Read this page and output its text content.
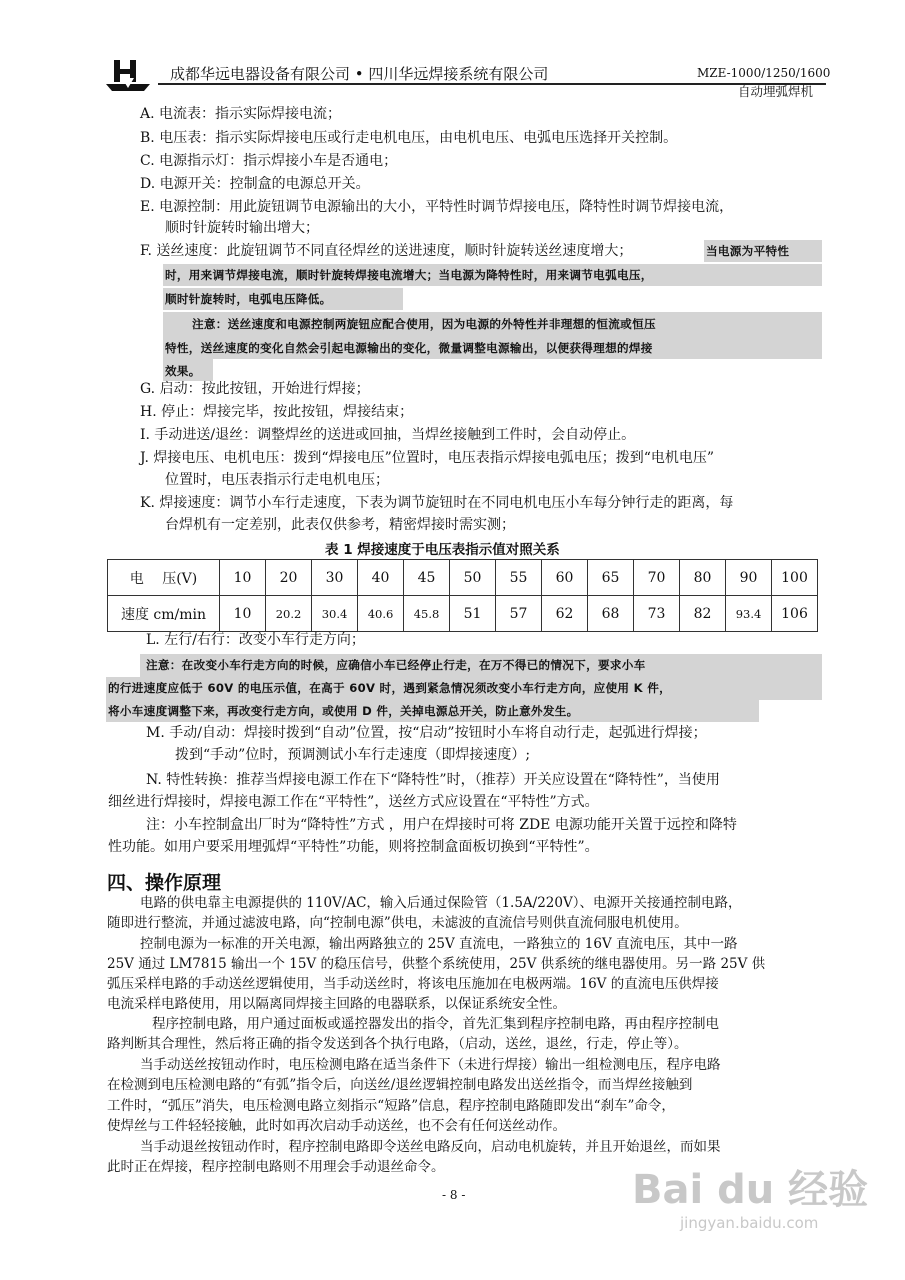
成都华远电器设备有限公司 • 四川华远焊接系统有限公司	MZE-1000/1250/1600
自动埋弧焊机
A. 电流表：指示实际焊接电流；
B. 电压表：指示实际焊接电压或行走电机电压，由电机电压、电弧电压选择开关控制。
C. 电源指示灯：指示焊接小车是否通电；
D. 电源开关：控制盒的电源总开关。
E. 电源控制：用此旋钮调节电源输出的大小，平特性时调节焊接电压，降特性时调节焊接电流，
顺时针旋转时输出增大；
F. 送丝速度：此旋钮调节不同直径焊丝的送进速度，顺时针旋转送丝速度增大；	当电源为平特性
时，用来调节焊接电流，顺时针旋转焊接电流增大；当电源为降特性时，用来调节电弧电压，
顺时针旋转时，电弧电压降低。
注意：送丝速度和电源控制两旋钮应配合使用，因为电源的外特性并非理想的恒流或恒压
特性，送丝速度的变化自然会引起电源输出的变化，微量调整电源输出，以便获得理想的焊接
效果。
G. 启动：按此按钮，开始进行焊接；
H. 停止：焊接完毕，按此按钮，焊接结束；
I. 手动进送/退丝：调整焊丝的送进或回抽，当焊丝接触到工件时，会自动停止。
J. 焊接电压、电机电压：拨到“焊接电压”位置时，电压表指示焊接电弧电压；拨到“电机电压”
位置时，电压表指示行走电机电压；
K. 焊接速度：调节小车行走速度，下表为调节旋钮时在不同电机电压小车每分钟行走的距离，每
台焊机有一定差别，此表仅供参考，精密焊接时需实测；
表 1 焊接速度于电压表指示值对照关系
电　 压(V)	10	20	30	40	45	50	55	60	65	70	80	90	100
速度 cm/min	10	20.2	30.4	40.6	45.8	51	57	62	68	73	82	93.4	106
L. 左行/右行：改变小车行走方向；
注意：在改变小车行走方向的时候，应确信小车已经停止行走，在万不得已的情况下，要求小车
的行进速度应低于 60V 的电压示值，在高于 60V 时，遇到紧急情况须改变小车行走方向，应使用 K 件，
将小车速度调整下来，再改变行走方向，或使用 D 件，关掉电源总开关，防止意外发生。
M. 手动/自动：焊接时拨到“自动”位置，按“启动”按钮时小车将自动行走，起弧进行焊接；
拨到“手动”位时，预调测试小车行走速度（即焊接速度）;
N. 特性转换：推荐当焊接电源工作在下“降特性”时，（推荐）开关应设置在“降特性”，当使用
细丝进行焊接时，焊接电源工作在“平特性”，送丝方式应设置在“平特性”方式。
注：小车控制盒出厂时为“降特性”方式 ，用户在焊接时可将 ZDE 电源功能开关置于远控和降特
性功能。如用户要采用埋弧焊“平特性”功能，则将控制盒面板切换到“平特性”。
四、操作原理
电路的供电靠主电源提供的 110V/AC，输入后通过保险管（1.5A/220V）、电源开关接通控制电路，
随即进行整流，并通过滤波电路，向“控制电源”供电，未滤波的直流信号则供直流伺服电机使用。
控制电源为一标准的开关电源，输出两路独立的 25V 直流电，一路独立的 16V 直流电压，其中一路
25V 通过 LM7815 输出一个 15V 的稳压信号，供整个系统使用，25V 供系统的继电器使用。另一路 25V 供
弧压采样电路的手动送丝逻辑使用，当手动送丝时，将该电压施加在电极两端。16V 的直流电压供焊接
电流采样电路使用，用以隔离同焊接主回路的电器联系，以保证系统安全性。
程序控制电路，用户通过面板或遥控器发出的指令，首先汇集到程序控制电路，再由程序控制电
路判断其合理性，然后将正确的指令发送到各个执行电路，（启动，送丝，退丝，行走，停止等）。
当手动送丝按钮动作时，电压检测电路在适当条件下（未进行焊接）输出一组检测电压，程序电路
在检测到电压检测电路的“有弧”指令后，向送丝/退丝逻辑控制电路发出送丝指令，而当焊丝接触到
工件时，“弧压”消失，电压检测电路立刻指示“短路”信息，程序控制电路随即发出“刹车”命令，
使焊丝与工件轻轻接触，此时如再次启动手动送丝，也不会有任何送丝动作。
当手动退丝按钮动作时，程序控制电路即令送丝电路反向，启动电机旋转，并且开始退丝，而如果
此时正在焊接，程序控制电路则不用理会手动退丝命令。
- 8 -	Bai du 经验
jingyan.baidu.com
